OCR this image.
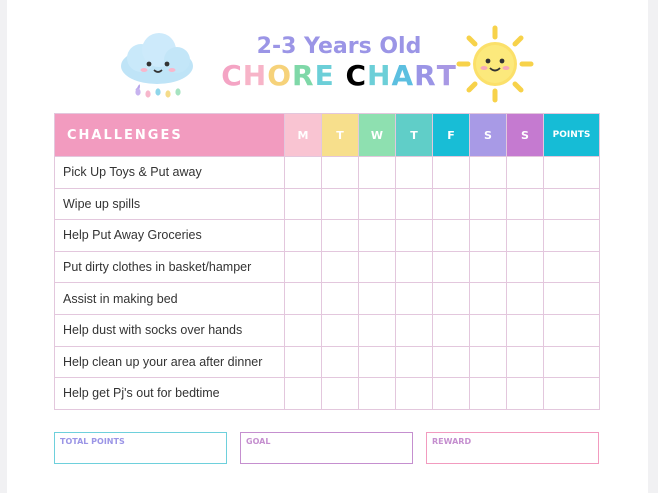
2-3 Years Old
CHORE CHART
CHALLENGES	M	T	W	T	F	S	S	POINTS
Pick Up Toys & Put away								
Wipe up spills								
Help Put Away Groceries								
Put dirty clothes in basket/hamper								
Assist in making bed								
Help dust with socks over hands								
Help clean up your area after dinner								
Help get Pj's out for bedtime								
TOTAL POINTS	GOAL	REWARD
